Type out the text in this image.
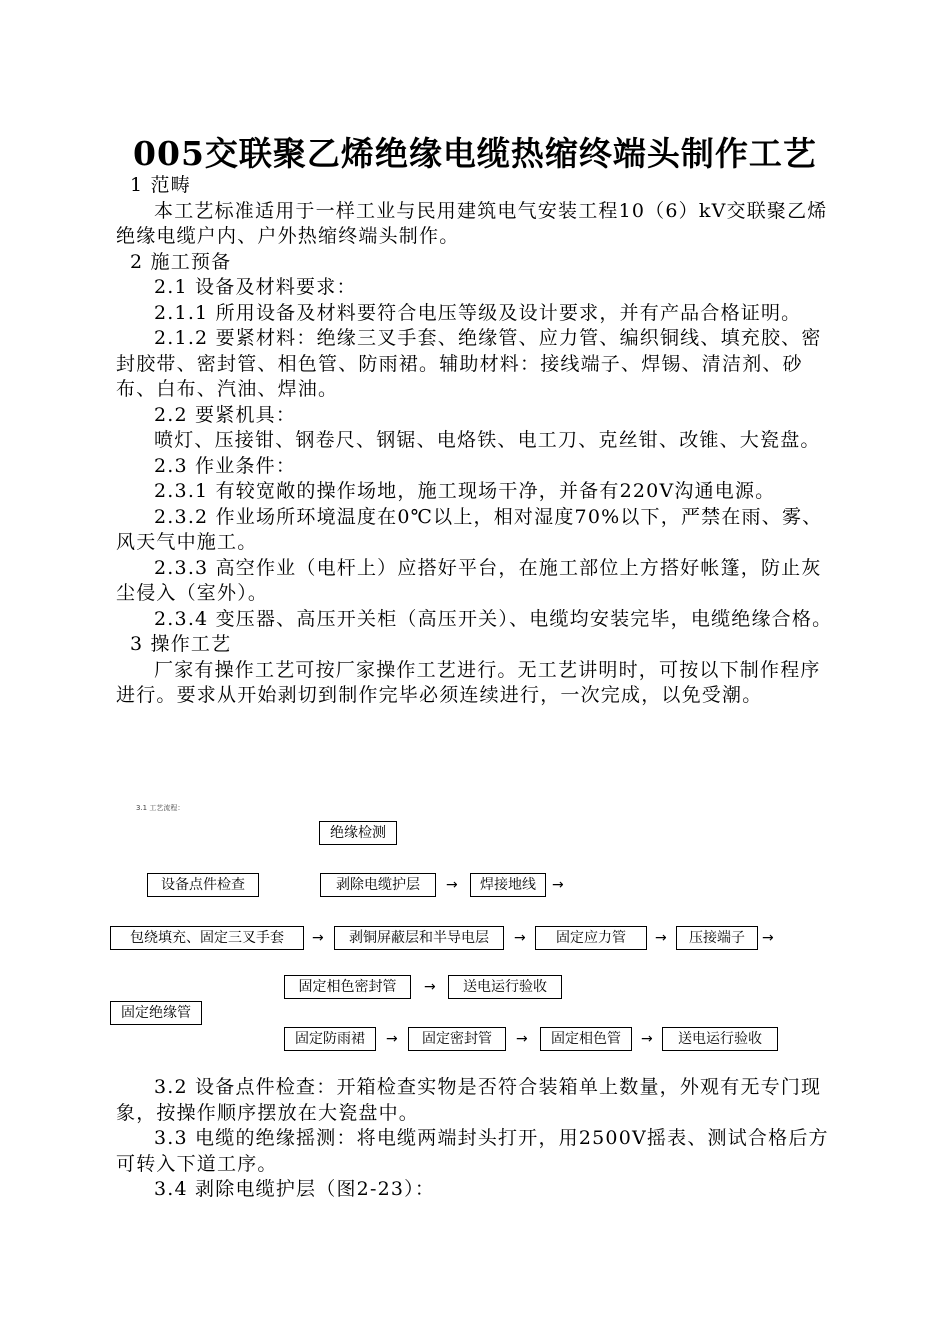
005交联聚乙烯绝缘电缆热缩终端头制作工艺

1 范畴

本工艺标准适用于一样工业与民用建筑电气安装工程10（6）kV交联聚乙烯绝缘电缆户内、户外热缩终端头制作。

2 施工预备

2.1 设备及材料要求：

2.1.1 所用设备及材料要符合电压等级及设计要求，并有产品合格证明。

2.1.2 要紧材料：绝缘三叉手套、绝缘管、应力管、编织铜线、填充胶、密封胶带、密封管、相色管、防雨裙。辅助材料：接线端子、焊锡、清洁剂、砂布、白布、汽油、焊油。

2.2 要紧机具：

喷灯、压接钳、钢卷尺、钢锯、电烙铁、电工刀、克丝钳、改锥、大瓷盘。

2.3 作业条件：

2.3.1 有较宽敞的操作场地，施工现场干净，并备有220V沟通电源。

2.3.2 作业场所环境温度在0℃以上，相对湿度70%以下，严禁在雨、雾、风天气中施工。

2.3.3 高空作业（电杆上）应搭好平台，在施工部位上方搭好帐篷，防止灰尘侵入（室外）。

2.3.4 变压器、高压开关柜（高压开关）、电缆均安装完毕，电缆绝缘合格。

3 操作工艺

厂家有操作工艺可按厂家操作工艺进行。无工艺讲明时，可按以下制作程序进行。要求从开始剥切到制作完毕必须连续进行，一次完成，以免受潮。

3.1 工艺流程：
绝缘检测
设备点件检查	剥除电缆护层	→	焊接地线	→
包绕填充、固定三叉手套	→	剥铜屏蔽层和半导电层	→	固定应力管	→	压接端子	→
固定相色密封管	→	送电运行验收
固定绝缘管
固定防雨裙	→	固定密封管	→	固定相色管	→	送电运行验收

3.2 设备点件检查：开箱检查实物是否符合装箱单上数量，外观有无专门现象，按操作顺序摆放在大瓷盘中。

3.3 电缆的绝缘摇测：将电缆两端封头打开，用2500V摇表、测试合格后方可转入下道工序。

3.4 剥除电缆护层（图2-23）：
